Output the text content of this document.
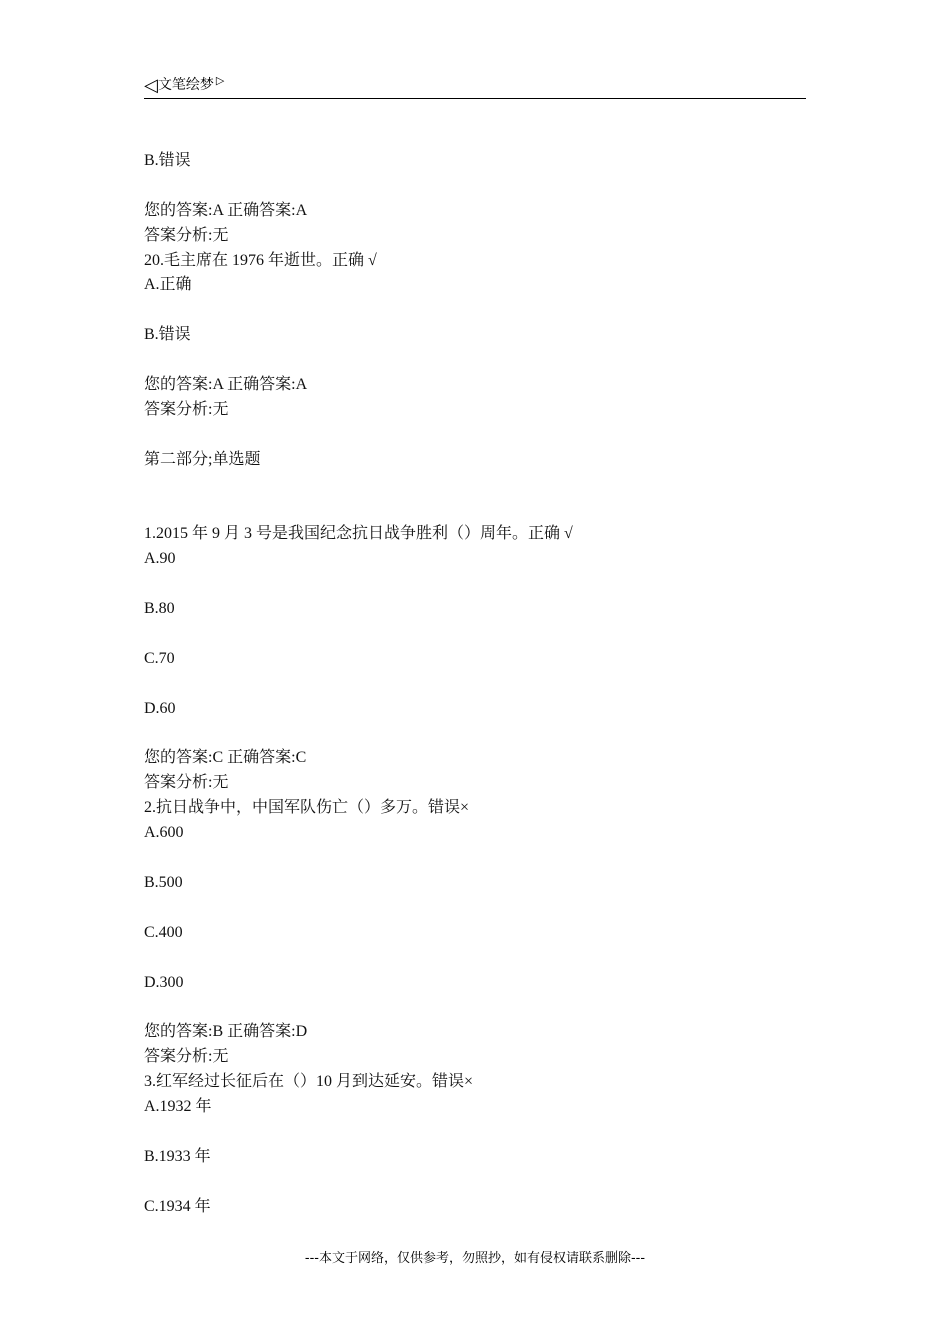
◁文笔绘梦 ▷
B.错误
您的答案:A 正确答案:A
答案分析:无
20.毛主席在 1976 年逝世。正确 √
A.正确
B.错误
您的答案:A 正确答案:A
答案分析:无
第二部分;单选题
1.2015 年 9 月 3 号是我国纪念抗日战争胜利（）周年。正确 √
A.90
B.80
C.70
D.60
您的答案:C 正确答案:C
答案分析:无
2.抗日战争中，中国军队伤亡（）多万。错误×
A.600
B.500
C.400
D.300
您的答案:B 正确答案:D
答案分析:无
3.红军经过长征后在（）10 月到达延安。错误×
A.1932 年
B.1933 年
C.1934 年
---本文于网络，仅供参考，勿照抄，如有侵权请联系删除---
